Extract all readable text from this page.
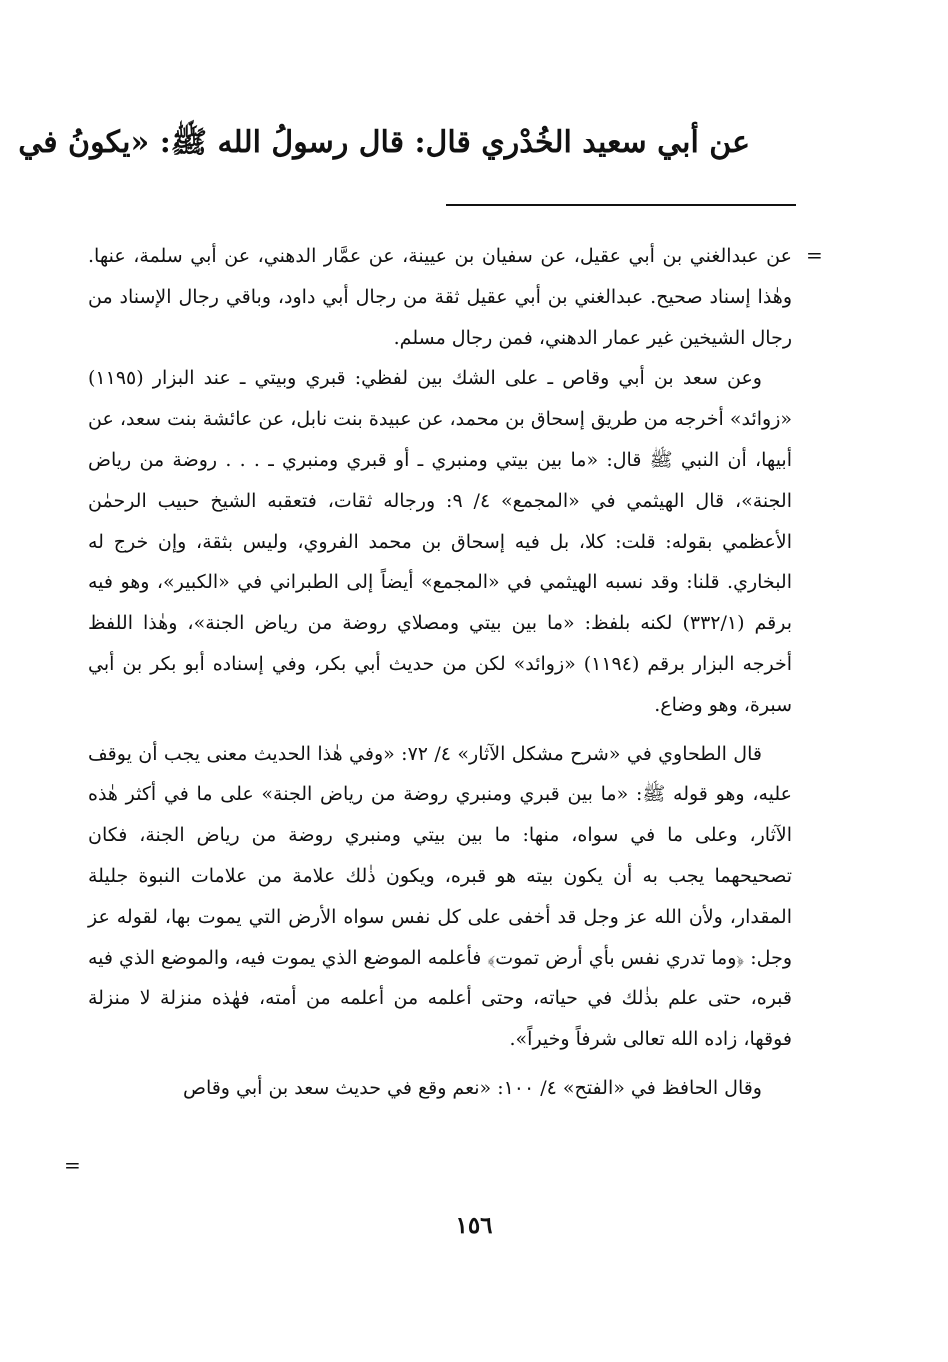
عن أبي سعيد الخُدْري قال: قال رسولُ الله ﷺ: «يكونُ في
=
=

عن عبدالغني بن أبي عقيل، عن سفيان بن عيينة، عن عمَّار الدهني، عن أبي سلمة، عنها. وهٰذا إسناد صحيح. عبدالغني بن أبي عقيل ثقة من رجال أبي داود، وباقي رجال الإسناد من رجال الشيخين غير عمار الدهني، فمن رجال مسلم.

وعن سعد بن أبي وقاص ـ على الشك بين لفظي: قبري وبيتي ـ عند البزار (١١٩٥) «زوائد» أخرجه من طريق إسحاق بن محمد، عن عبيدة بنت نابل، عن عائشة بنت سعد، عن أبيها، أن النبي ﷺ قال: «ما بين بيتي ومنبري ـ أو قبري ومنبري ـ . . . روضة من رياض الجنة»، قال الهيثمي في «المجمع» ٤/ ٩: ورجاله ثقات، فتعقبه الشيخ حبيب الرحمٰن الأعظمي بقوله: قلت: كلا، بل فيه إسحاق بن محمد الفروي، وليس بثقة، وإن خرج له البخاري. قلنا: وقد نسبه الهيثمي في «المجمع» أيضاً إلى الطبراني في «الكبير»، وهو فيه برقم (٣٣٢/١) لكنه بلفظ: «ما بين بيتي ومصلاي روضة من رياض الجنة»، وهٰذا اللفظ أخرجه البزار برقم (١١٩٤) «زوائد» لكن من حديث أبي بكر، وفي إسناده أبو بكر بن أبي سبرة، وهو وضاع.

قال الطحاوي في «شرح مشكل الآثار» ٤/ ٧٢: «وفي هٰذا الحديث معنى يجب أن يوقف عليه، وهو قوله ﷺ: «ما بين قبري ومنبري روضة من رياض الجنة» على ما في أكثر هٰذه الآثار، وعلى ما في سواه، منها: ما بين بيتي ومنبري روضة من رياض الجنة، فكان تصحيحهما يجب به أن يكون بيته هو قبره، ويكون ذٰلك علامة من علامات النبوة جليلة المقدار، ولأن الله عز وجل قد أخفى على كل نفس سواه الأرض التي يموت بها، لقوله عز وجل: ﴿وما تدري نفس بأي أرض تموت﴾ فأعلمه الموضع الذي يموت فيه، والموضع الذي فيه قبره، حتى علم بذٰلك في حياته، وحتى أعلمه من أعلمه من أمته، فهٰذه منزلة لا منزلة فوقها، زاده الله تعالى شرفاً وخيراً».

وقال الحافظ في «الفتح» ٤/ ١٠٠: «نعم وقع في حديث سعد بن أبي وقاص

١٥٦
